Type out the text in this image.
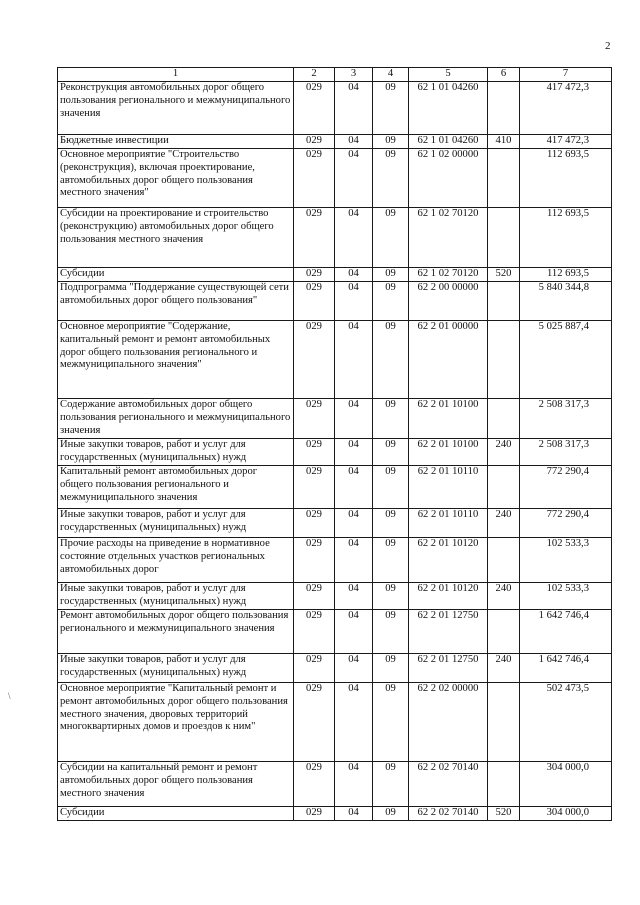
2
\
1	2	3	4	5	6	7
Реконструкция автомобильных дорог общего пользования регионального и межмуниципального значения	029	04	09	62 1 01 04260		417 472,3
Бюджетные инвестиции	029	04	09	62 1 01 04260	410	417 472,3
Основное мероприятие "Строительство (реконструкция), включая проектирование, автомобильных дорог общего пользования местного значения"	029	04	09	62 1 02 00000		112 693,5
Субсидии на проектирование и строительство (реконструкцию) автомобильных дорог общего пользования местного значения	029	04	09	62 1 02 70120		112 693,5
Субсидии	029	04	09	62 1 02 70120	520	112 693,5
Подпрограмма "Поддержание существующей сети автомобильных дорог общего пользования"	029	04	09	62 2 00 00000		5 840 344,8
Основное мероприятие "Содержание, капитальный ремонт и ремонт автомобильных дорог общего пользования регионального и межмуниципального значения"	029	04	09	62 2 01 00000		5 025 887,4
Содержание автомобильных дорог общего пользования регионального и межмуниципального значения	029	04	09	62 2 01 10100		2 508 317,3
Иные закупки товаров, работ и услуг для государственных (муниципальных) нужд	029	04	09	62 2 01 10100	240	2 508 317,3
Капитальный ремонт автомобильных дорог общего пользования регионального и межмуниципального значения	029	04	09	62 2 01 10110		772 290,4
Иные закупки товаров, работ и услуг для государственных (муниципальных) нужд	029	04	09	62 2 01 10110	240	772 290,4
Прочие расходы на приведение в нормативное состояние отдельных участков региональных автомобильных дорог	029	04	09	62 2 01 10120		102 533,3
Иные закупки товаров, работ и услуг для государственных (муниципальных) нужд	029	04	09	62 2 01 10120	240	102 533,3
Ремонт автомобильных дорог общего пользования регионального и межмуниципального значения	029	04	09	62 2 01 12750		1 642 746,4
Иные закупки товаров, работ и услуг для государственных (муниципальных) нужд	029	04	09	62 2 01 12750	240	1 642 746,4
Основное мероприятие "Капитальный ремонт и ремонт автомобильных дорог общего пользования местного значения, дворовых территорий многоквартирных домов и проездов к ним"	029	04	09	62 2 02 00000		502 473,5
Субсидии на капитальный ремонт и ремонт автомобильных дорог общего пользования местного значения	029	04	09	62 2 02 70140		304 000,0
Субсидии	029	04	09	62 2 02 70140	520	304 000,0
